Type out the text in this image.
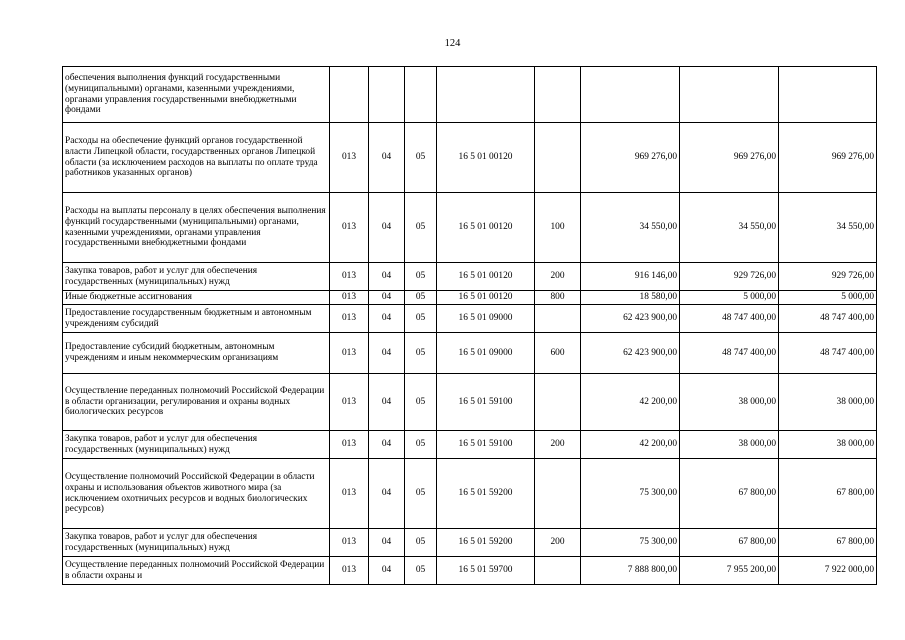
124
обеспечения выполнения функций государственными (муниципальными) органами, казенными учреждениями, органами управления государственными внебюджетными фондами								
Расходы на обеспечение функций органов государственной власти Липецкой области, государственных органов Липецкой области (за исключением расходов на выплаты по оплате труда работников указанных органов)	013	04	05	16 5 01 00120		969 276,00	969 276,00	969 276,00
Расходы на выплаты персоналу в целях обеспечения выполнения функций государственными (муниципальными) органами, казенными учреждениями, органами управления государственными внебюджетными фондами	013	04	05	16 5 01 00120	100	34 550,00	34 550,00	34 550,00
Закупка товаров, работ и услуг для обеспечения государственных (муниципальных) нужд	013	04	05	16 5 01 00120	200	916 146,00	929 726,00	929 726,00
Иные бюджетные ассигнования	013	04	05	16 5 01 00120	800	18 580,00	5 000,00	5 000,00
Предоставление государственным бюджетным и автономным учреждениям субсидий	013	04	05	16 5 01 09000		62 423 900,00	48 747 400,00	48 747 400,00
Предоставление субсидий бюджетным, автономным учреждениям и иным некоммерческим организациям	013	04	05	16 5 01 09000	600	62 423 900,00	48 747 400,00	48 747 400,00
Осуществление переданных полномочий Российской Федерации в области организации, регулирования и охраны водных биологических ресурсов	013	04	05	16 5 01 59100		42 200,00	38 000,00	38 000,00
Закупка товаров, работ и услуг для обеспечения государственных (муниципальных) нужд	013	04	05	16 5 01 59100	200	42 200,00	38 000,00	38 000,00
Осуществление полномочий Российской Федерации в области охраны и использования объектов животного мира (за исключением охотничьих ресурсов и водных биологических ресурсов)	013	04	05	16 5 01 59200		75 300,00	67 800,00	67 800,00
Закупка товаров, работ и услуг для обеспечения государственных (муниципальных) нужд	013	04	05	16 5 01 59200	200	75 300,00	67 800,00	67 800,00
Осуществление переданных полномочий Российской Федерации в области охраны и	013	04	05	16 5 01 59700		7 888 800,00	7 955 200,00	7 922 000,00
